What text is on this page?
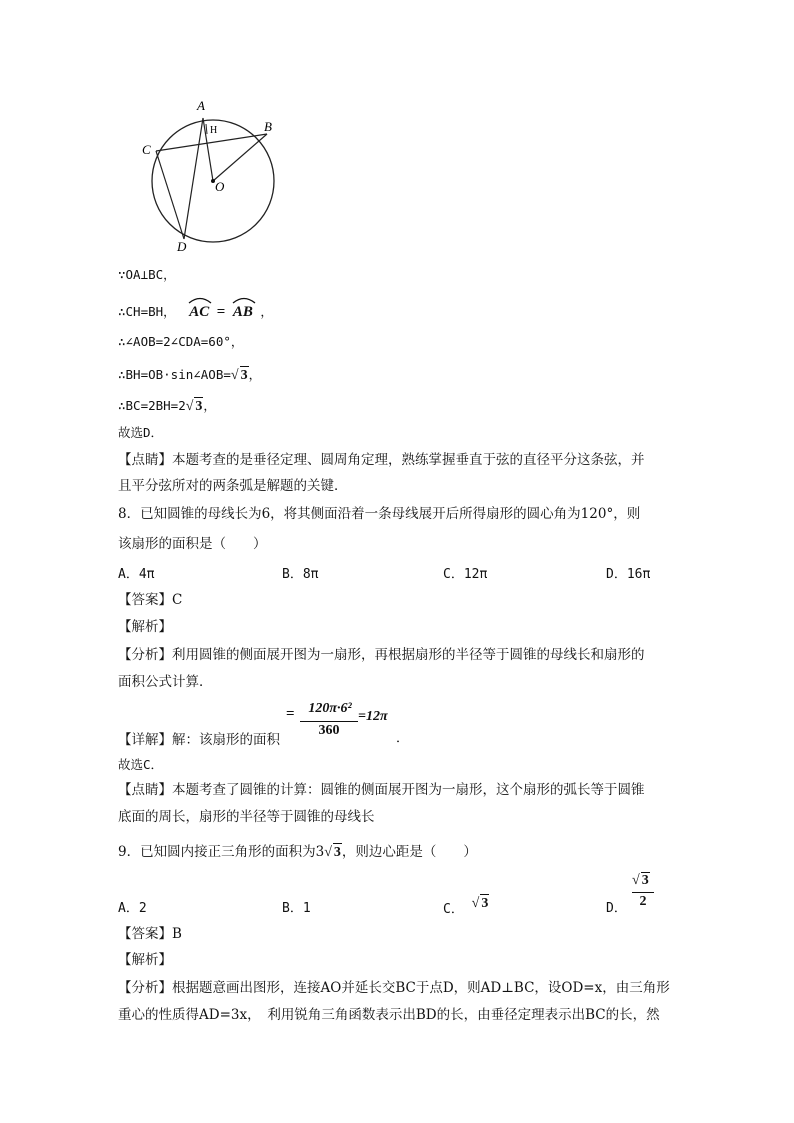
A
B
C
D
O
H
∵OA⊥BC，
∴CH=BH， AC = AB ，
∴∠AOB=2∠CDA=60°，
∴BH=OB·sin∠AOB=√ 3，
∴BC=2BH=2√ 3，
故选D．
【点睛】本题考查的是垂径定理、圆周角定理，熟练掌握垂直于弦的直径平分这条弦，并
且平分弦所对的两条弧是解题的关键．
8．已知圆锥的母线长为6，将其侧面沿着一条母线展开后所得扇形的圆心角为120°，则
该扇形的面积是（　　）
A．4π	B．8π	C．12π	D．16π
【答案】C
【解析】
【分析】利用圆锥的侧面展开图为一扇形，再根据扇形的半径等于圆锥的母线长和扇形的
面积公式计算．
【详解】解：该扇形的面积
= 120π·6²
360
=12π
．
故选C．
【点睛】本题考查了圆锥的计算：圆锥的侧面展开图为一扇形，这个扇形的弧长等于圆锥
底面的周长，扇形的半径等于圆锥的母线长
9．已知圆内接正三角形的面积为3√ 3，则边心距是（　　）
A．2	B．1	C． √ 3	D．
√ 3
2
【答案】B
【解析】
【分析】根据题意画出图形，连接AO并延长交BC于点D，则AD⊥BC，设OD=x，由三角形
重心的性质得AD=3x，　利用锐角三角函数表示出BD的长，由垂径定理表示出BC的长，然
